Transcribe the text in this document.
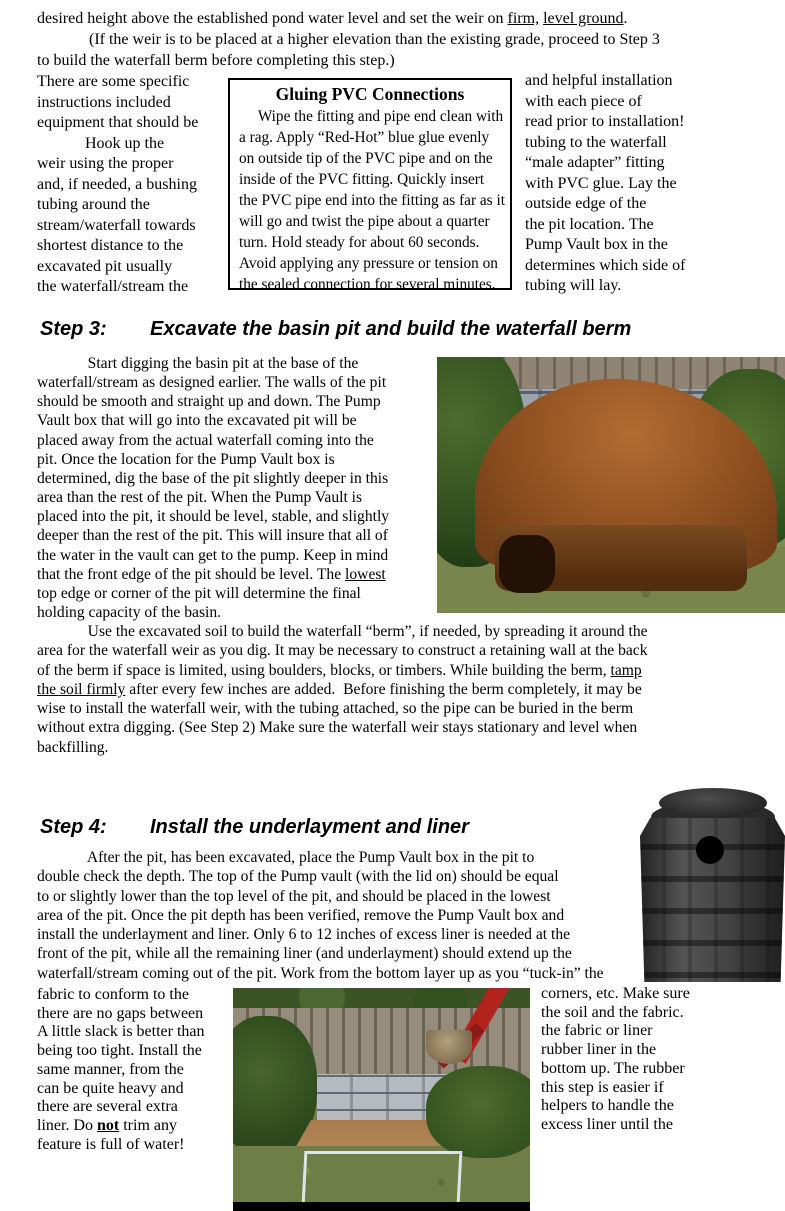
desired height above the established pond water level and set the weir on firm, level ground.
(If the weir is to be placed at a higher elevation than the existing grade, proceed to Step 3
to build the waterfall berm before completing this step.)
There are some specific
instructions included
equipment that should be
Hook up the
weir using the proper
and, if needed, a bushing
tubing around the
stream/waterfall towards
shortest distance to the
excavated pit usually
the waterfall/stream the
Gluing PVC Connections
Wipe the fitting and pipe end clean with
a rag. Apply “Red-Hot” blue glue evenly
on outside tip of the PVC pipe and on the
inside of the PVC fitting. Quickly insert
the PVC pipe end into the fitting as far as it
will go and twist the pipe about a quarter
turn. Hold steady for about 60 seconds.
Avoid applying any pressure or tension on
the sealed connection for several minutes.
and helpful installation
with each piece of
read prior to installation!
tubing to the waterfall
“male adapter” fitting
with PVC glue. Lay the
outside edge of the
the pit location. The
Pump Vault box in the
determines which side of
tubing will lay.
Step 3: Excavate the basin pit and build the waterfall berm
Start digging the basin pit at the base of the
waterfall/stream as designed earlier. The walls of the pit
should be smooth and straight up and down. The Pump
Vault box that will go into the excavated pit will be
placed away from the actual waterfall coming into the
pit. Once the location for the Pump Vault box is
determined, dig the base of the pit slightly deeper in this
area than the rest of the pit. When the Pump Vault is
placed into the pit, it should be level, stable, and slightly
deeper than the rest of the pit. This will insure that all of
the water in the vault can get to the pump. Keep in mind
that the front edge of the pit should be level. The lowest
top edge or corner of the pit will determine the final
holding capacity of the basin.
Use the excavated soil to build the waterfall “berm”, if needed, by spreading it around the
area for the waterfall weir as you dig. It may be necessary to construct a retaining wall at the back
of the berm if space is limited, using boulders, blocks, or timbers. While building the berm, tamp
the soil firmly after every few inches are added.  Before finishing the berm completely, it may be
wise to install the waterfall weir, with the tubing attached, so the pipe can be buried in the berm
without extra digging. (See Step 2) Make sure the waterfall weir stays stationary and level when
backfilling.
Step 4: Install the underlayment and liner
After the pit, has been excavated, place the Pump Vault box in the pit to
double check the depth. The top of the Pump vault (with the lid on) should be equal
to or slightly lower than the top level of the pit, and should be placed in the lowest
area of the pit. Once the pit depth has been verified, remove the Pump Vault box and
install the underlayment and liner. Only 6 to 12 inches of excess liner is needed at the
front of the pit, while all the remaining liner (and underlayment) should extend up the
waterfall/stream coming out of the pit. Work from the bottom layer up as you “tuck-in” the
fabric to conform to the
there are no gaps between
A little slack is better than
being too tight. Install the
same manner, from the
can be quite heavy and
there are several extra
liner. Do not trim any
feature is full of water!
corners, etc. Make sure
the soil and the fabric.
the fabric or liner
rubber liner in the
bottom up. The rubber
this step is easier if
helpers to handle the
excess liner until the
